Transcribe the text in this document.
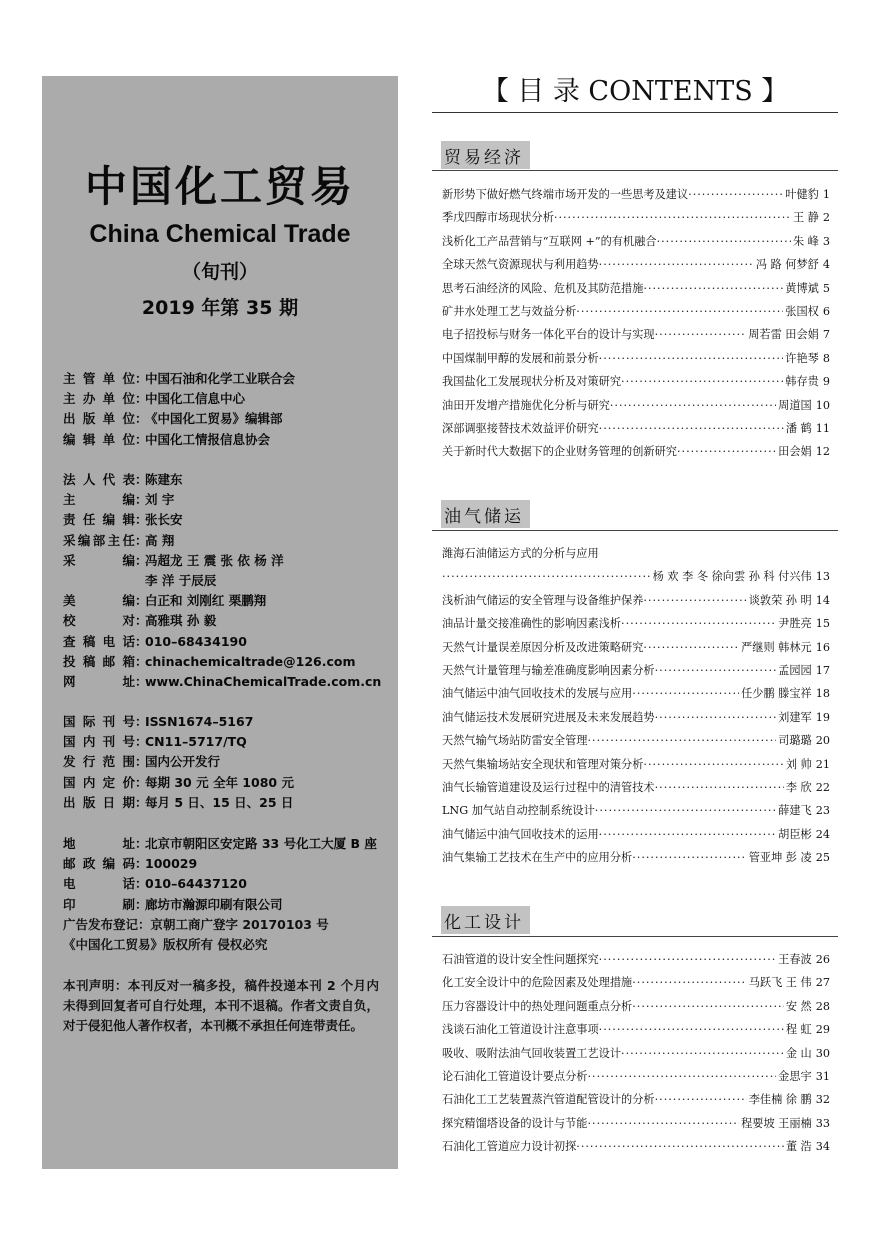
中国化工贸易
China Chemical Trade
（旬刊）
2019 年第 35 期
主管单位 ：
中国石油和化学工业联合会
主办单位 ：
中国化工信息中心
出版单位 ：
《中国化工贸易》编辑部
编辑单位 ：
中国化工情报信息协会
法人代表 ：
陈建东
主编 ：
刘 宇
责任编辑 ：
张长安
采编部主任 ：
高 翔
采编 ：
冯超龙 王 震 张 依 杨 洋
李 洋 于辰辰
美编 ：
白正和 刘刚红 栗鹏翔
校对 ：
高雅琪 孙 毅
查稿电话 ：
010–68434190
投稿邮箱 ：
chinachemicaltrade@126.com
网址 ：
www.ChinaChemicalTrade.com.cn
国际刊号 ：
ISSN1674–5167
国内刊号 ：
CN11–5717/TQ
发行范围 ：
国内公开发行
国内定价 ：
每期 30 元 全年 1080 元
出版日期 ：
每月 5 日、15 日、25 日
地址 ：
北京市朝阳区安定路 33 号化工大厦 B 座
邮政编码 ：
100029
电话 ：
010–64437120
印刷 ：
廊坊市瀚源印刷有限公司
广告发布登记：京朝工商广登字 20170103 号
《中国化工贸易》版权所有 侵权必究
本刊声明：本刊反对一稿多投，稿件投递本刊 2 个月内未得到回复者可自行处理，本刊不退稿。作者文责自负，对于侵犯他人著作权者，本刊概不承担任何连带责任。
【 目 录 CONTENTS 】
贸易经济
新形势下做好燃气终端市场开发的一些思考及建议 ·····	叶健豹 1
季戊四醇市场现状分析 ·····	王 静 2
浅析化工产品营销与“互联网 +”的有机融合 ·····	朱 峰 3
全球天然气资源现状与利用趋势 ·····	冯 路 何梦舒 4
思考石油经济的风险、危机及其防范措施 ·····	黄博斌 5
矿井水处理工艺与效益分析 ·····	张国权 6
电子招投标与财务一体化平台的设计与实现 ·····	周若雷 田会娟 7
中国煤制甲醇的发展和前景分析 ·····	许艳琴 8
我国盐化工发展现状分析及对策研究 ·····	韩存贵 9
油田开发增产措施优化分析与研究 ·····	周道国 10
深部调驱接替技术效益评价研究 ·····	潘 鹤 11
关于新时代大数据下的企业财务管理的创新研究 ·····	田会娟 12
油气储运
潍海石油储运方式的分析与应用
·····
杨 欢 李 冬 徐向雲 孙 科 付兴伟 13
浅析油气储运的安全管理与设备维护保养 ·····	谈敦荣 孙 明 14
油品计量交接准确性的影响因素浅析 ·····	尹胜亮 15
天然气计量误差原因分析及改进策略研究 ·····	严继则 韩林元 16
天然气计量管理与输差准确度影响因素分析 ·····	孟园园 17
油气储运中油气回收技术的发展与应用 ·····	任少鹏 滕宝祥 18
油气储运技术发展研究进展及未来发展趋势 ·····	刘建军 19
天然气输气场站防雷安全管理 ·····	司璐璐 20
天然气集输场站安全现状和管理对策分析 ·····	刘 帅 21
油气长输管道建设及运行过程中的清管技术 ·····	李 欣 22
LNG 加气站自动控制系统设计 ·····	薛建飞 23
油气储运中油气回收技术的运用 ·····	胡臣彬 24
油气集输工艺技术在生产中的应用分析 ·····	管亚坤 彭 凌 25
化工设计
石油管道的设计安全性问题探究 ·····	王春波 26
化工安全设计中的危险因素及处理措施 ·····	马跃飞 王 伟 27
压力容器设计中的热处理问题重点分析 ·····	安 然 28
浅谈石油化工管道设计注意事项 ·····	程 虹 29
吸收、吸附法油气回收装置工艺设计 ·····	金 山 30
论石油化工管道设计要点分析 ·····	金思宇 31
石油化工工艺装置蒸汽管道配管设计的分析 ·····	李佳楠 徐 鹏 32
探究精馏塔设备的设计与节能 ·····	程要坡 王丽楠 33
石油化工管道应力设计初探 ·····	董 浩 34
